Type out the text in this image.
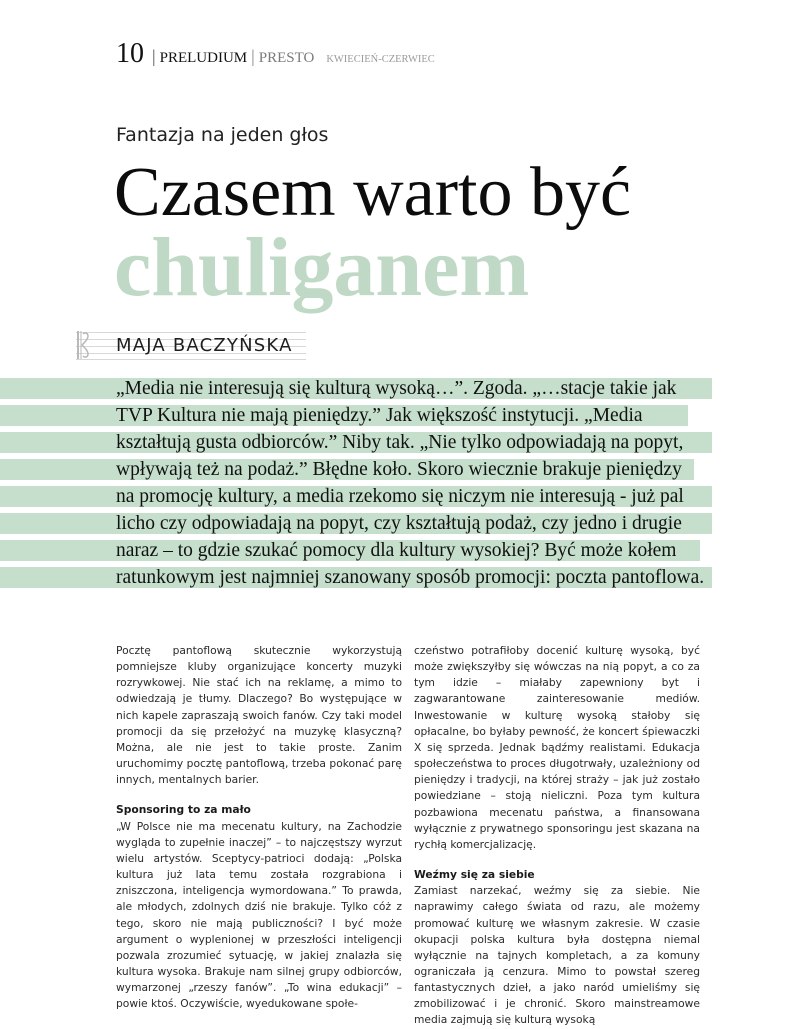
10 | PRELUDIUM | PRESTO KWIECIEŃ-CZERWIEC
Fantazja na jeden głos
Czasem warto być
chuliganem
MAJA BACZYŃSKA
„Media nie interesują się kulturą wysoką…”. Zgoda. „…stacje takie jak
TVP Kultura nie mają pieniędzy.” Jak większość instytucji. „Media
kształtują gusta odbiorców.” Niby tak. „Nie tylko odpowiadają na popyt,
wpływają też na podaż.” Błędne koło. Skoro wiecznie brakuje pieniędzy
na promocję kultury, a media rzekomo się niczym nie interesują - już pal
licho czy odpowiadają na popyt, czy kształtują podaż, czy jedno i drugie
naraz – to gdzie szukać pomocy dla kultury wysokiej? Być może kołem
ratunkowym jest najmniej szanowany sposób promocji: poczta pantoflowa.

Pocztę pantoflową skutecznie wykorzystują pomniejsze kluby organizujące koncerty muzyki rozrywkowej. Nie stać ich na reklamę, a mimo to odwiedzają je tłumy. Dlaczego? Bo występujące w nich kapele zapraszają swoich fanów. Czy taki model promocji da się przełożyć na muzykę klasyczną? Można, ale nie jest to takie proste. Zanim uruchomimy pocztę pantoflową, trzeba pokonać parę innych, mentalnych barier.

Sponsoring to za mało

„W Polsce nie ma mecenatu kultury, na Zachodzie wygląda to zupełnie inaczej” – to najczęstszy wyrzut wielu artystów. Sceptycy-patrioci dodają: „Polska kultura już lata temu została rozgrabiona i zniszczona, inteligencja wymordowana.” To prawda, ale młodych, zdolnych dziś nie brakuje. Tylko cóż z tego, skoro nie mają publiczności? I być może argument o wyplenionej w przeszłości inteligencji pozwala zrozumieć sytuację, w jakiej znalazła się kultura wysoka. Brakuje nam silnej grupy odbiorców, wymarzonej „rzeszy fanów”. „To wina edukacji” – powie ktoś. Oczywiście, wyedukowane społe-

czeństwo potrafiłoby docenić kulturę wysoką, być może zwiększyłby się wówczas na nią popyt, a co za tym idzie – miałaby zapewniony byt i zagwarantowane zainteresowanie mediów. Inwestowanie w kulturę wysoką stałoby się opłacalne, bo byłaby pewność, że koncert śpiewaczki X się sprzeda. Jednak bądźmy realistami. Edukacja społeczeństwa to proces długotrwały, uzależniony od pieniędzy i tradycji, na której straży – jak już zostało powiedziane – stoją nieliczni. Poza tym kultura pozbawiona mecenatu państwa, a finansowana wyłącznie z prywatnego sponsoringu jest skazana na rychłą komercjalizację.

Weźmy się za siebie

Zamiast narzekać, weźmy się za siebie. Nie naprawimy całego świata od razu, ale możemy promować kulturę we własnym zakresie. W czasie okupacji polska kultura była dostępna niemal wyłącznie na tajnych kompletach, a za komuny ograniczała ją cenzura. Mimo to powstał szereg fantastycznych dzieł, a jako naród umieliśmy się zmobilizować i je chronić. Skoro mainstreamowe media zajmują się kulturą wysoką
